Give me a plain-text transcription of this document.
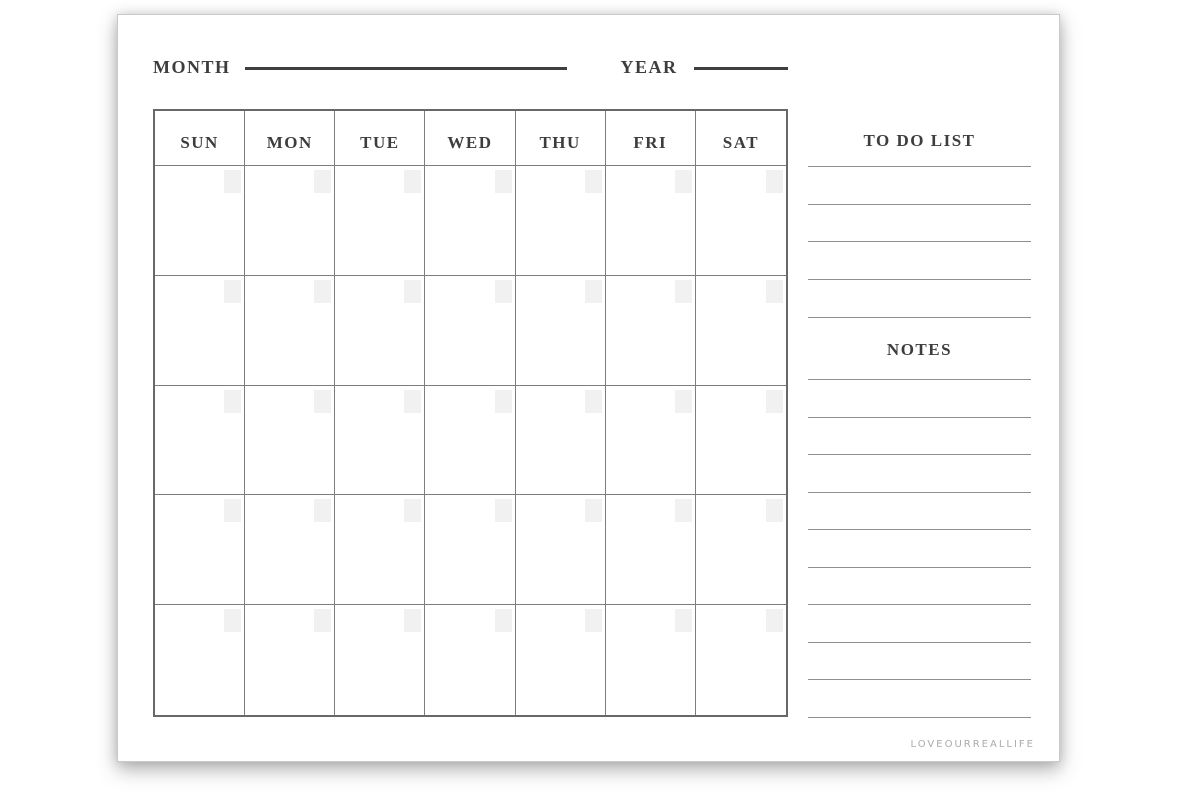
MONTH	YEAR
SUN	MON	TUE	WED	THU	FRI	SAT	TO DO LIST
NOTES
LOVEOURREALLIFE
